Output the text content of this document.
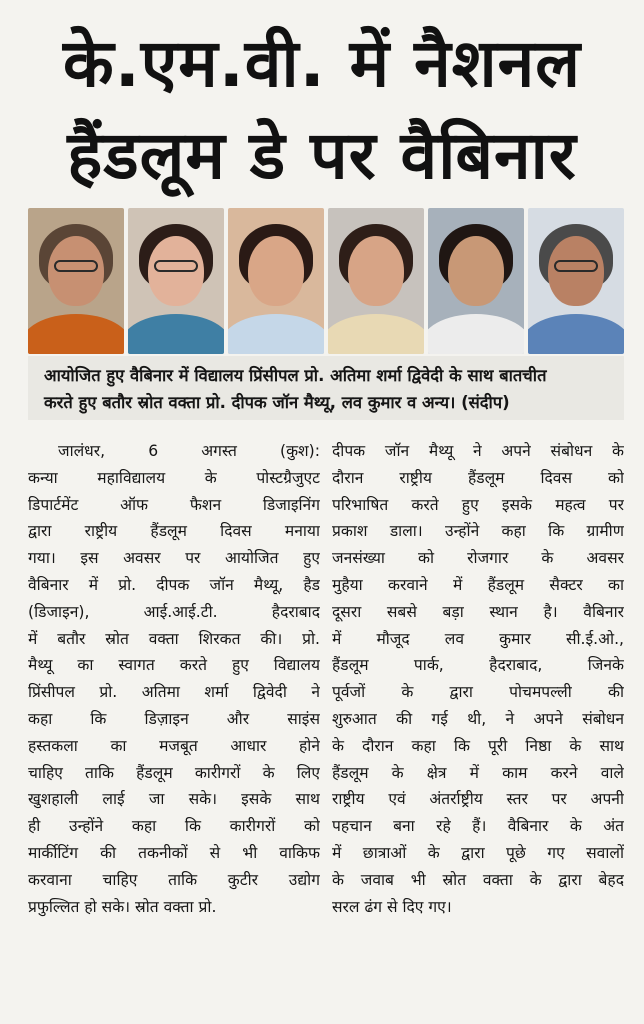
के.एम.वी. में नैशनल
हैंडलूम डे पर वैबिनार

आयोजित हुए वैबिनार में विद्यालय प्रिंसीपल प्रो. अतिमा शर्मा द्विवेदी के साथ बातचीत

करते हुए बतौर स्रोत वक्ता प्रो. दीपक जॉन मैथ्यू, लव कुमार व अन्य। (संदीप)

जालंधर, 6 अगस्त (कुश):

कन्या महाविद्यालय के पोस्टग्रैजुएट

डिपार्टमेंट ऑफ फैशन डिजाइनिंग

द्वारा राष्ट्रीय हैंडलूम दिवस मनाया

गया। इस अवसर पर आयोजित हुए

वैबिनार में प्रो. दीपक जॉन मैथ्यू, हैड

(डिजाइन), आई.आई.टी. हैदराबाद

में बतौर स्रोत वक्ता शिरकत की। प्रो.

मैथ्यू का स्वागत करते हुए विद्यालय

प्रिंसीपल प्रो. अतिमा शर्मा द्विवेदी ने

कहा कि डिज़ाइन और साइंस

हस्तकला का मजबूत आधार होने

चाहिए ताकि हैंडलूम कारीगरों के लिए

खुशहाली लाई जा सके। इसके साथ

ही उन्होंने कहा कि कारीगरों को

मार्कीटिंग की तकनीकों से भी वाकिफ

करवाना चाहिए ताकि कुटीर उद्योग

प्रफुल्लित हो सके। स्रोत वक्ता प्रो.

दीपक जॉन मैथ्यू ने अपने संबोधन के

दौरान राष्ट्रीय हैंडलूम दिवस को

परिभाषित करते हुए इसके महत्व पर

प्रकाश डाला। उन्होंने कहा कि ग्रामीण

जनसंख्या को रोजगार के अवसर

मुहैया करवाने में हैंडलूम सैक्टर का

दूसरा सबसे बड़ा स्थान है। वैबिनार

में मौजूद लव कुमार सी.ई.ओ.,

हैंडलूम पार्क, हैदराबाद, जिनके

पूर्वजों के द्वारा पोचमपल्ली की

शुरुआत की गई थी, ने अपने संबोधन

के दौरान कहा कि पूरी निष्ठा के साथ

हैंडलूम के क्षेत्र में काम करने वाले

राष्ट्रीय एवं अंतर्राष्ट्रीय स्तर पर अपनी

पहचान बना रहे हैं। वैबिनार के अंत

में छात्राओं के द्वारा पूछे गए सवालों

के जवाब भी स्रोत वक्ता के द्वारा बेहद

सरल ढंग से दिए गए।
